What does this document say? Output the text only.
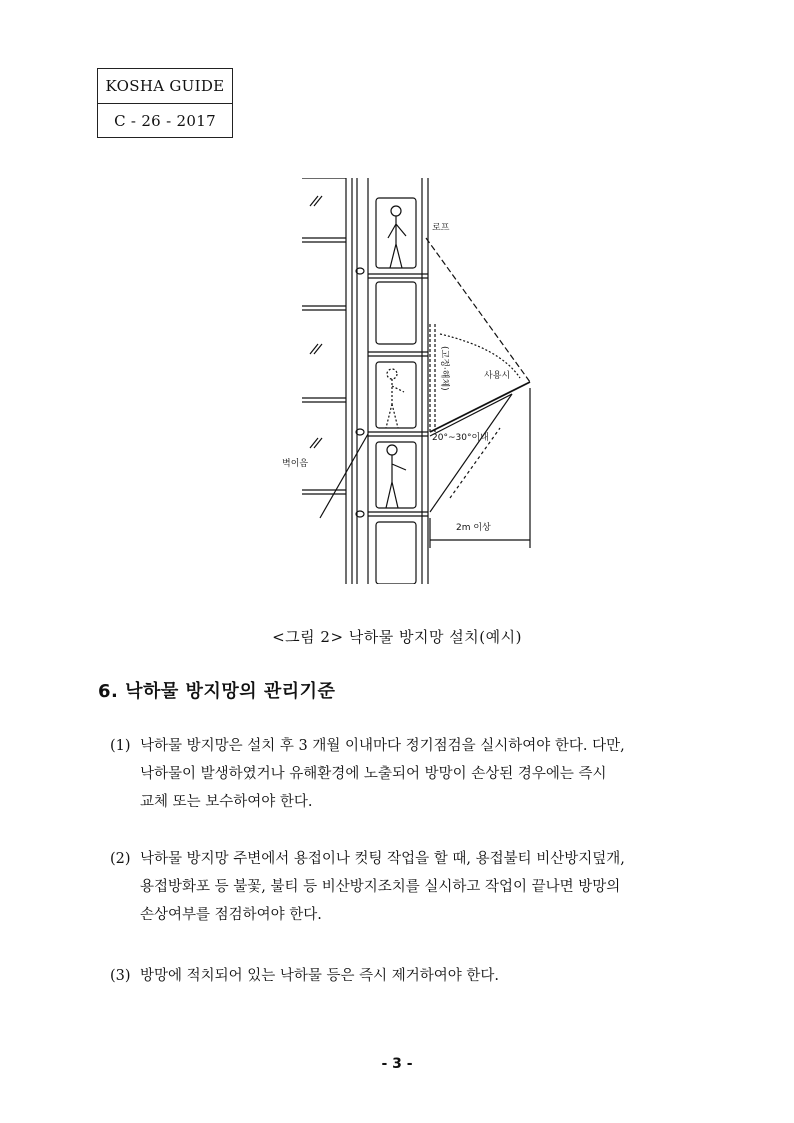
KOSHA GUIDE
C - 26 - 2017
로프
(고정·해체)	사용시
20°~30°이내
벽이음
2m 이상
<그림 2> 낙하물 방지망 설치(예시)
6. 낙하물 방지망의 관리기준
(1) 낙하물 방지망은 설치 후 3 개월 이내마다 정기점검을 실시하여야 한다. 다만,
낙하물이 발생하였거나 유해환경에 노출되어 방망이 손상된 경우에는 즉시
교체 또는 보수하여야 한다.
(2) 낙하물 방지망 주변에서 용접이나 컷팅 작업을 할 때, 용접불티 비산방지덮개,
용접방화포 등 불꽃, 불티 등 비산방지조치를 실시하고 작업이 끝나면 방망의
손상여부를 점검하여야 한다.
(3) 방망에 적치되어 있는 낙하물 등은 즉시 제거하여야 한다.
- 3 -
